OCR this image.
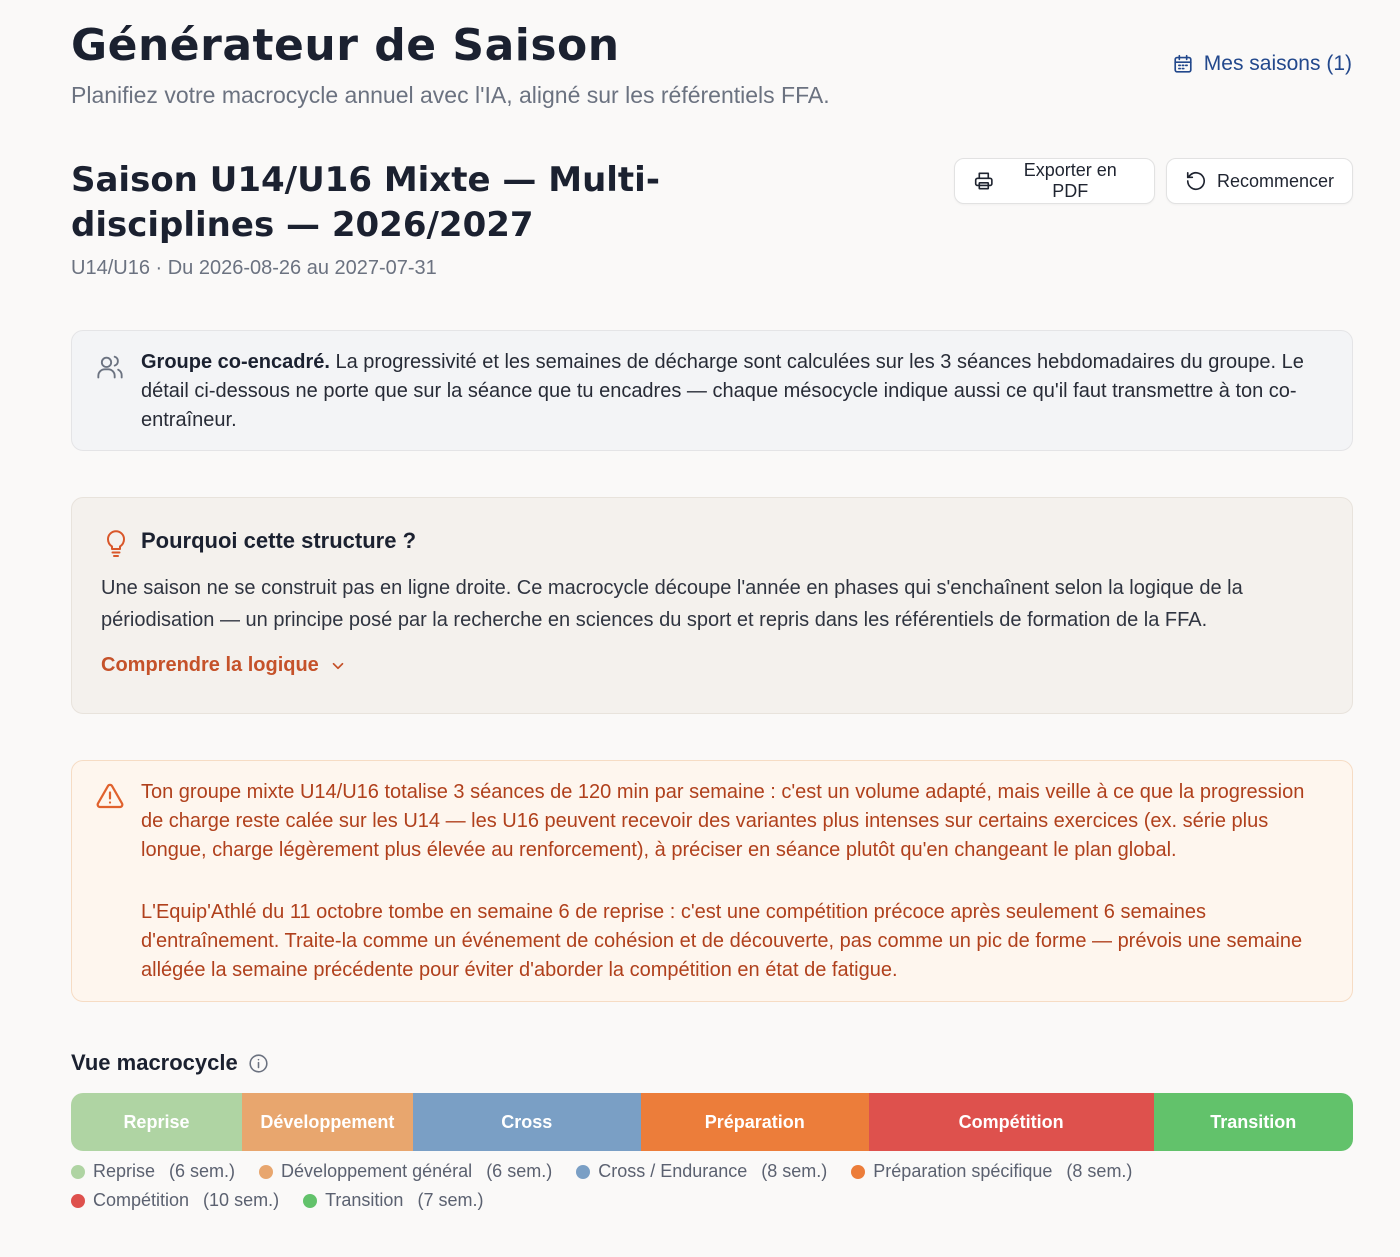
Générateur de Saison

Planifiez votre macrocycle annuel avec l'IA, aligné sur les référentiels FFA.

Mes saisons (1)
Saison U14/U16 Mixte — Multi-disciplines — 2026/2027

U14/U16 · Du 2026-08-26 au 2027-07-31

Exporter en PDF
Recommencer

Groupe co-encadré. La progressivité et les semaines de décharge sont calculées sur les 3 séances hebdomadaires du groupe. Le détail ci-dessous ne porte que sur la séance que tu encadres — chaque mésocycle indique aussi ce qu'il faut transmettre à ton co-entraîneur.

Pourquoi cette structure ?

Une saison ne se construit pas en ligne droite. Ce macrocycle découpe l'année en phases qui s'enchaînent selon la logique de la périodisation — un principe posé par la recherche en sciences du sport et repris dans les référentiels de formation de la FFA.

Comprendre la logique

Ton groupe mixte U14/U16 totalise 3 séances de 120 min par semaine : c'est un volume adapté, mais veille à ce que la progression de charge reste calée sur les U14 — les U16 peuvent recevoir des variantes plus intenses sur certains exercices (ex. série plus longue, charge légèrement plus élevée au renforcement), à préciser en séance plutôt qu'en changeant le plan global.

L'Equip'Athlé du 11 octobre tombe en semaine 6 de reprise : c'est une compétition précoce après seulement 6 semaines d'entraînement. Traite-la comme un événement de cohésion et de découverte, pas comme un pic de forme — prévois une semaine allégée la semaine précédente pour éviter d'aborder la compétition en état de fatigue.

Vue macrocycle
Reprise	Développement	Cross	Préparation	Compétition	Transition
Reprise (6 sem.)	Développement général (6 sem.)	Cross / Endurance (8 sem.)	Préparation spécifique (8 sem.)
Compétition (10 sem.)	Transition (7 sem.)
